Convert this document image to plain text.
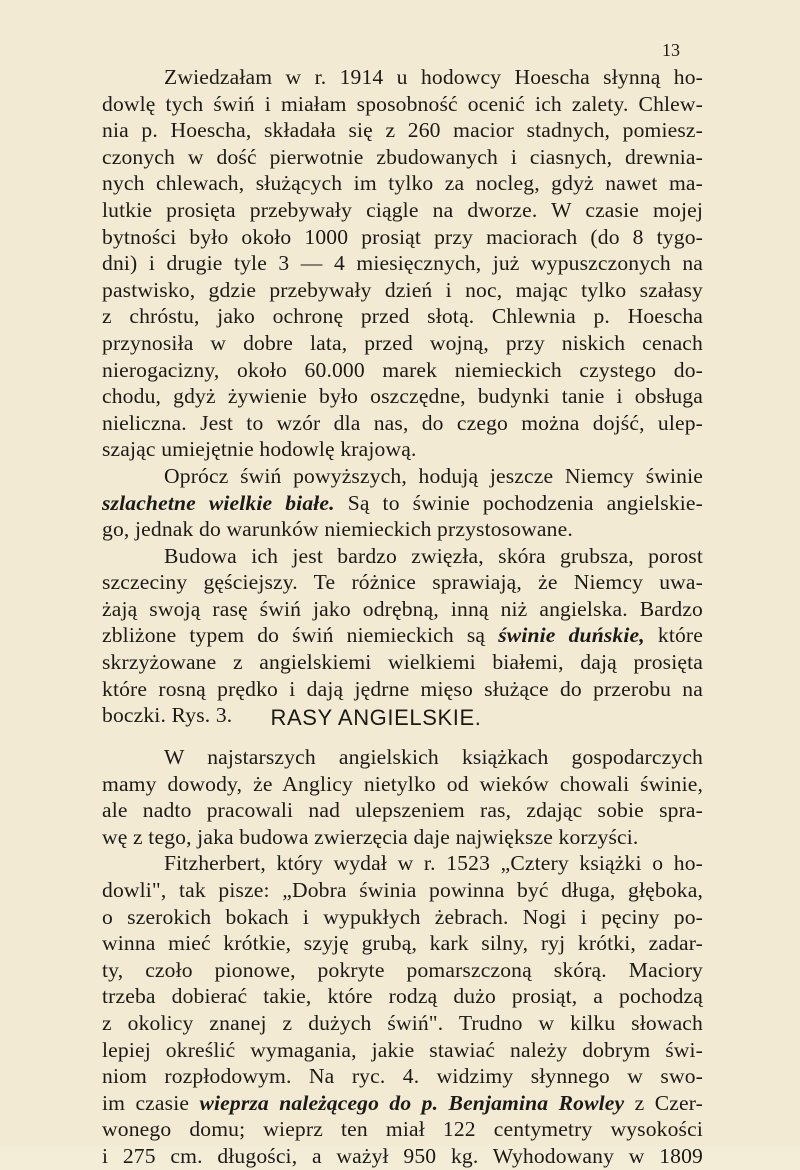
13
Zwiedzałam w r. 1914 u hodowcy Hoescha słynną ho-
dowlę tych świń i miałam sposobność ocenić ich zalety. Chlew-
nia p. Hoescha, składała się z 260 macior stadnych, pomiesz-
czonych w dość pierwotnie zbudowanych i ciasnych, drewnia-
nych chlewach, służących im tylko za nocleg, gdyż nawet ma-
lutkie prosięta przebywały ciągle na dworze. W czasie mojej
bytności było około 1000 prosiąt przy maciorach (do 8 tygo-
dni) i drugie tyle 3 — 4 miesięcznych, już wypuszczonych na
pastwisko, gdzie przebywały dzień i noc, mając tylko szałasy
z chróstu, jako ochronę przed słotą. Chlewnia p. Hoescha
przynosiła w dobre lata, przed wojną, przy niskich cenach
nierogacizny, około 60.000 marek niemieckich czystego do-
chodu, gdyż żywienie było oszczędne, budynki tanie i obsługa
nieliczna. Jest to wzór dla nas, do czego można dojść, ulep-
szając umiejętnie hodowlę krajową.
Oprócz świń powyższych, hodują jeszcze Niemcy świnie
szlachetne wielkie białe. Są to świnie pochodzenia angielskie-
go, jednak do warunków niemieckich przystosowane.
Budowa ich jest bardzo zwięzła, skóra grubsza, porost
szczeciny gęściejszy. Te różnice sprawiają, że Niemcy uwa-
żają swoją rasę świń jako odrębną, inną niż angielska. Bardzo
zbliżone typem do świń niemieckich są świnie duńskie, które
skrzyżowane z angielskiemi wielkiemi białemi, dają prosięta
które rosną prędko i dają jędrne mięso służące do przerobu na
boczki. Rys. 3.	RASY ANGIELSKIE.
W najstarszych angielskich książkach gospodarczych
mamy dowody, że Anglicy nietylko od wieków chowali świnie,
ale nadto pracowali nad ulepszeniem ras, zdając sobie spra-
wę z tego, jaka budowa zwierzęcia daje największe korzyści.
Fitzherbert, który wydał w r. 1523 „Cztery książki o ho-
dowli", tak pisze: „Dobra świnia powinna być długa, głęboka,
o szerokich bokach i wypukłych żebrach. Nogi i pęciny po-
winna mieć krótkie, szyję grubą, kark silny, ryj krótki, zadar-
ty, czoło pionowe, pokryte pomarszczoną skórą. Maciory
trzeba dobierać takie, które rodzą dużo prosiąt, a pochodzą
z okolicy znanej z dużych świń". Trudno w kilku słowach
lepiej określić wymagania, jakie stawiać należy dobrym świ-
niom rozpłodowym. Na ryc. 4. widzimy słynnego w swo-
im czasie wieprza należącego do p. Benjamina Rowley z Czer-
wonego domu; wieprz ten miał 122 centymetry wysokości
i 275 cm. długości, a ważył 950 kg. Wyhodowany w 1809
